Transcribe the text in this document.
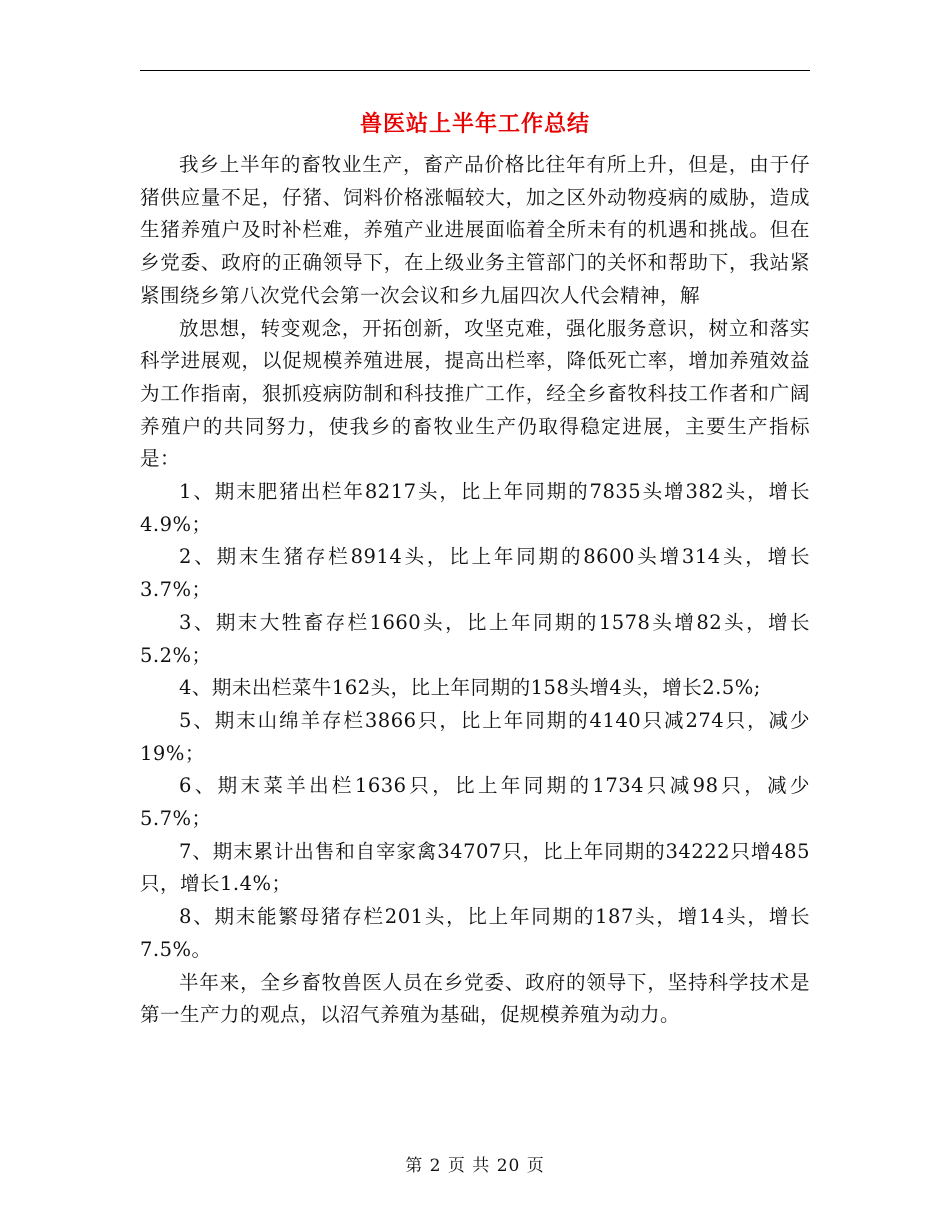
兽医站上半年工作总结

我乡上半年的畜牧业生产，畜产品价格比往年有所上升，但是，由于仔猪供应量不足，仔猪、饲料价格涨幅较大，加之区外动物疫病的威胁，造成生猪养殖户及时补栏难，养殖产业进展面临着全所未有的机遇和挑战。但在乡党委、政府的正确领导下，在上级业务主管部门的关怀和帮助下，我站紧紧围绕乡第八次党代会第一次会议和乡九届四次人代会精神，解

放思想，转变观念，开拓创新，攻坚克难，强化服务意识，树立和落实科学进展观，以促规模养殖进展，提高出栏率，降低死亡率，增加养殖效益为工作指南，狠抓疫病防制和科技推广工作，经全乡畜牧科技工作者和广阔养殖户的共同努力，使我乡的畜牧业生产仍取得稳定进展，主要生产指标是：

1、期末肥猪出栏年8217头，比上年同期的7835头增382头，增长4.9%；

2、期末生猪存栏8914头，比上年同期的8600头增314头，增长3.7%；

3、期末大牲畜存栏1660头，比上年同期的1578头增82头，增长5.2%；

4、期未出栏菜牛162头，比上年同期的158头增4头，增长2.5%;

5、期末山绵羊存栏3866只，比上年同期的4140只减274只，减少19%；

6、期末菜羊出栏1636只，比上年同期的1734只减98只，减少5.7%；

7、期末累计出售和自宰家禽34707只，比上年同期的34222只增485只，增长1.4%；

8、期末能繁母猪存栏201头，比上年同期的187头，增14头，增长7.5%。

半年来，全乡畜牧兽医人员在乡党委、政府的领导下，坚持科学技术是第一生产力的观点，以沼气养殖为基础，促规模养殖为动力。

第 2 页 共 20 页
